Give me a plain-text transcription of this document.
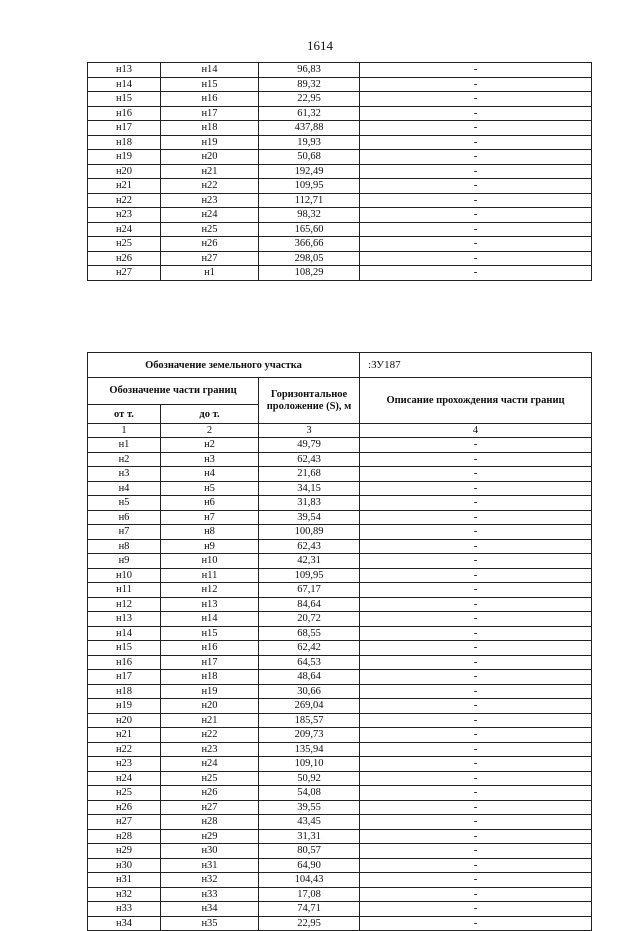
1614
н13	н14	96,83	-
н14	н15	89,32	-
н15	н16	22,95	-
н16	н17	61,32	-
н17	н18	437,88	-
н18	н19	19,93	-
н19	н20	50,68	-
н20	н21	192,49	-
н21	н22	109,95	-
н22	н23	112,71	-
н23	н24	98,32	-
н24	н25	165,60	-
н25	н26	366,66	-
н26	н27	298,05	-
н27	н1	108,29	-
Обозначение земельного участка			:ЗУ187
Обозначение части границ		Горизонтальное проложение (S), м	Описание прохождения части границ
от т.	до т.		
1	2	3	4
н1	н2	49,79	-
н2	н3	62,43	-
н3	н4	21,68	-
н4	н5	34,15	-
н5	н6	31,83	-
н6	н7	39,54	-
н7	н8	100,89	-
н8	н9	62,43	-
н9	н10	42,31	-
н10	н11	109,95	-
н11	н12	67,17	-
н12	н13	84,64	-
н13	н14	20,72	-
н14	н15	68,55	-
н15	н16	62,42	-
н16	н17	64,53	-
н17	н18	48,64	-
н18	н19	30,66	-
н19	н20	269,04	-
н20	н21	185,57	-
н21	н22	209,73	-
н22	н23	135,94	-
н23	н24	109,10	-
н24	н25	50,92	-
н25	н26	54,08	-
н26	н27	39,55	-
н27	н28	43,45	-
н28	н29	31,31	-
н29	н30	80,57	-
н30	н31	64,90	-
н31	н32	104,43	-
н32	н33	17,08	-
н33	н34	74,71	-
н34	н35	22,95	-
